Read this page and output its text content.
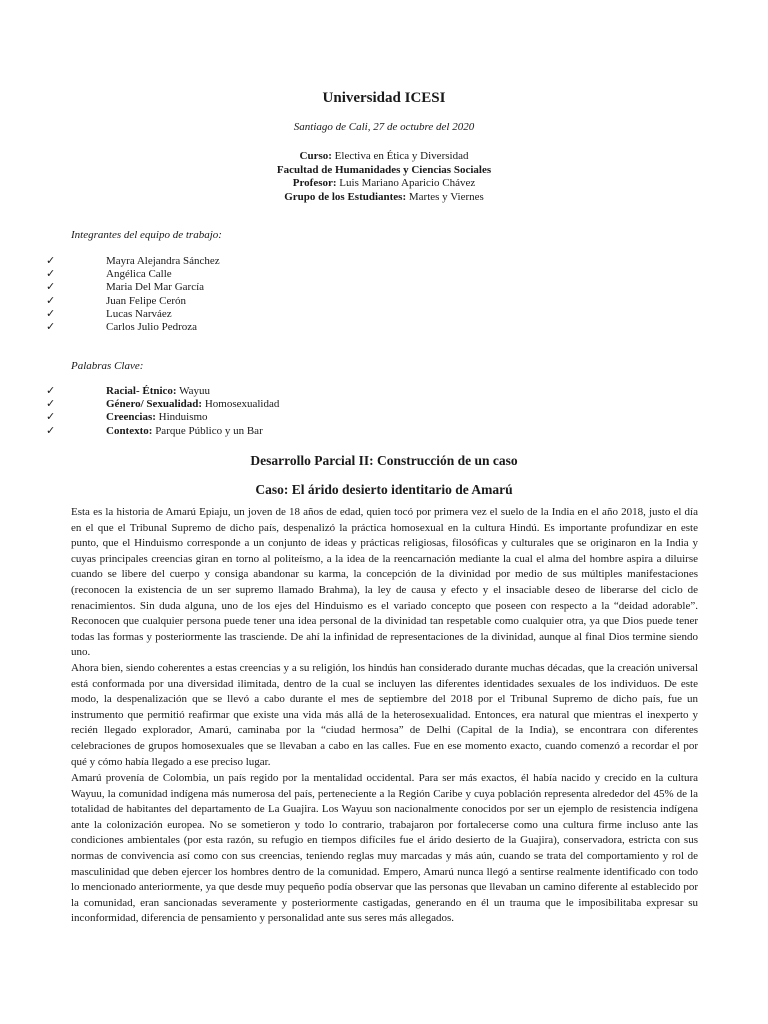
Universidad ICESI
Santiago de Cali, 27 de octubre del 2020
Curso: Electiva en Ética y Diversidad
Facultad de Humanidades y Ciencias Sociales
Profesor: Luis Mariano Aparicio Chávez
Grupo de los Estudiantes: Martes y Viernes
Integrantes del equipo de trabajo:
✓	Mayra Alejandra Sánchez
✓	Angélica Calle
✓	Maria Del Mar García
✓	Juan Felipe Cerón
✓	Lucas Narváez
✓	Carlos Julio Pedroza
Palabras Clave:
✓	Racial- Étnico: Wayuu
✓	Género/ Sexualidad: Homosexualidad
✓	Creencias: Hinduismo
✓	Contexto: Parque Público y un Bar
Desarrollo Parcial II: Construcción de un caso
Caso: El árido desierto identitario de Amarú

Esta es la historia de Amarú Epiaju, un joven de 18 años de edad, quien tocó por primera vez el suelo de la India en el año 2018, justo el día en el que el Tribunal Supremo de dicho país, despenalizó la práctica homosexual en la cultura Hindú. Es importante profundizar en este punto, que el Hinduismo corresponde a un conjunto de ideas y prácticas religiosas, filosóficas y culturales que se originaron en la India y cuyas principales creencias giran en torno al politeísmo, a la idea de la reencarnación mediante la cual el alma del hombre aspira a diluirse cuando se libere del cuerpo y consiga abandonar su karma, la concepción de la divinidad por medio de sus múltiples manifestaciones (reconocen la existencia de un ser supremo llamado Brahma), la ley de causa y efecto y el insaciable deseo de liberarse del ciclo de renacimientos. Sin duda alguna, uno de los ejes del Hinduismo es el variado concepto que poseen con respecto a la “deidad adorable”. Reconocen que cualquier persona puede tener una idea personal de la divinidad tan respetable como cualquier otra, ya que Dios puede tener todas las formas y posteriormente las trasciende. De ahí la infinidad de representaciones de la divinidad, aunque al final Dios termine siendo uno.

Ahora bien, siendo coherentes a estas creencias y a su religión, los hindús han considerado durante muchas décadas, que la creación universal está conformada por una diversidad ilimitada, dentro de la cual se incluyen las diferentes identidades sexuales de los individuos. De este modo, la despenalización que se llevó a cabo durante el mes de septiembre del 2018 por el Tribunal Supremo de dicho país, fue un instrumento que permitió reafirmar que existe una vida más allá de la heterosexualidad. Entonces, era natural que mientras el inexperto y recién llegado explorador, Amarú, caminaba por la “ciudad hermosa” de Delhi (Capital de la India), se encontrara con diferentes celebraciones de grupos homosexuales que se llevaban a cabo en las calles. Fue en ese momento exacto, cuando comenzó a recordar el por qué y cómo había llegado a ese preciso lugar.

Amarú provenía de Colombia, un país regido por la mentalidad occidental. Para ser más exactos, él había nacido y crecido en la cultura Wayuu, la comunidad indígena más numerosa del país, perteneciente a la Región Caribe y cuya población representa alrededor del 45% de la totalidad de habitantes del departamento de La Guajira. Los Wayuu son nacionalmente conocidos por ser un ejemplo de resistencia indígena ante la colonización europea. No se sometieron y todo lo contrario, trabajaron por fortalecerse como una cultura firme incluso ante las condiciones ambientales (por esta razón, su refugio en tiempos difíciles fue el árido desierto de la Guajira), conservadora, estricta con sus normas de convivencia así como con sus creencias, teniendo reglas muy marcadas y más aún, cuando se trata del comportamiento y rol de masculinidad que deben ejercer los hombres dentro de la comunidad. Empero, Amarú nunca llegó a sentirse realmente identificado con todo lo mencionado anteriormente, ya que desde muy pequeño podía observar que las personas que llevaban un camino diferente al establecido por la comunidad, eran sancionadas severamente y posteriormente castigadas, generando en él un trauma que le imposibilitaba expresar su inconformidad, diferencia de pensamiento y personalidad ante sus seres más allegados.
